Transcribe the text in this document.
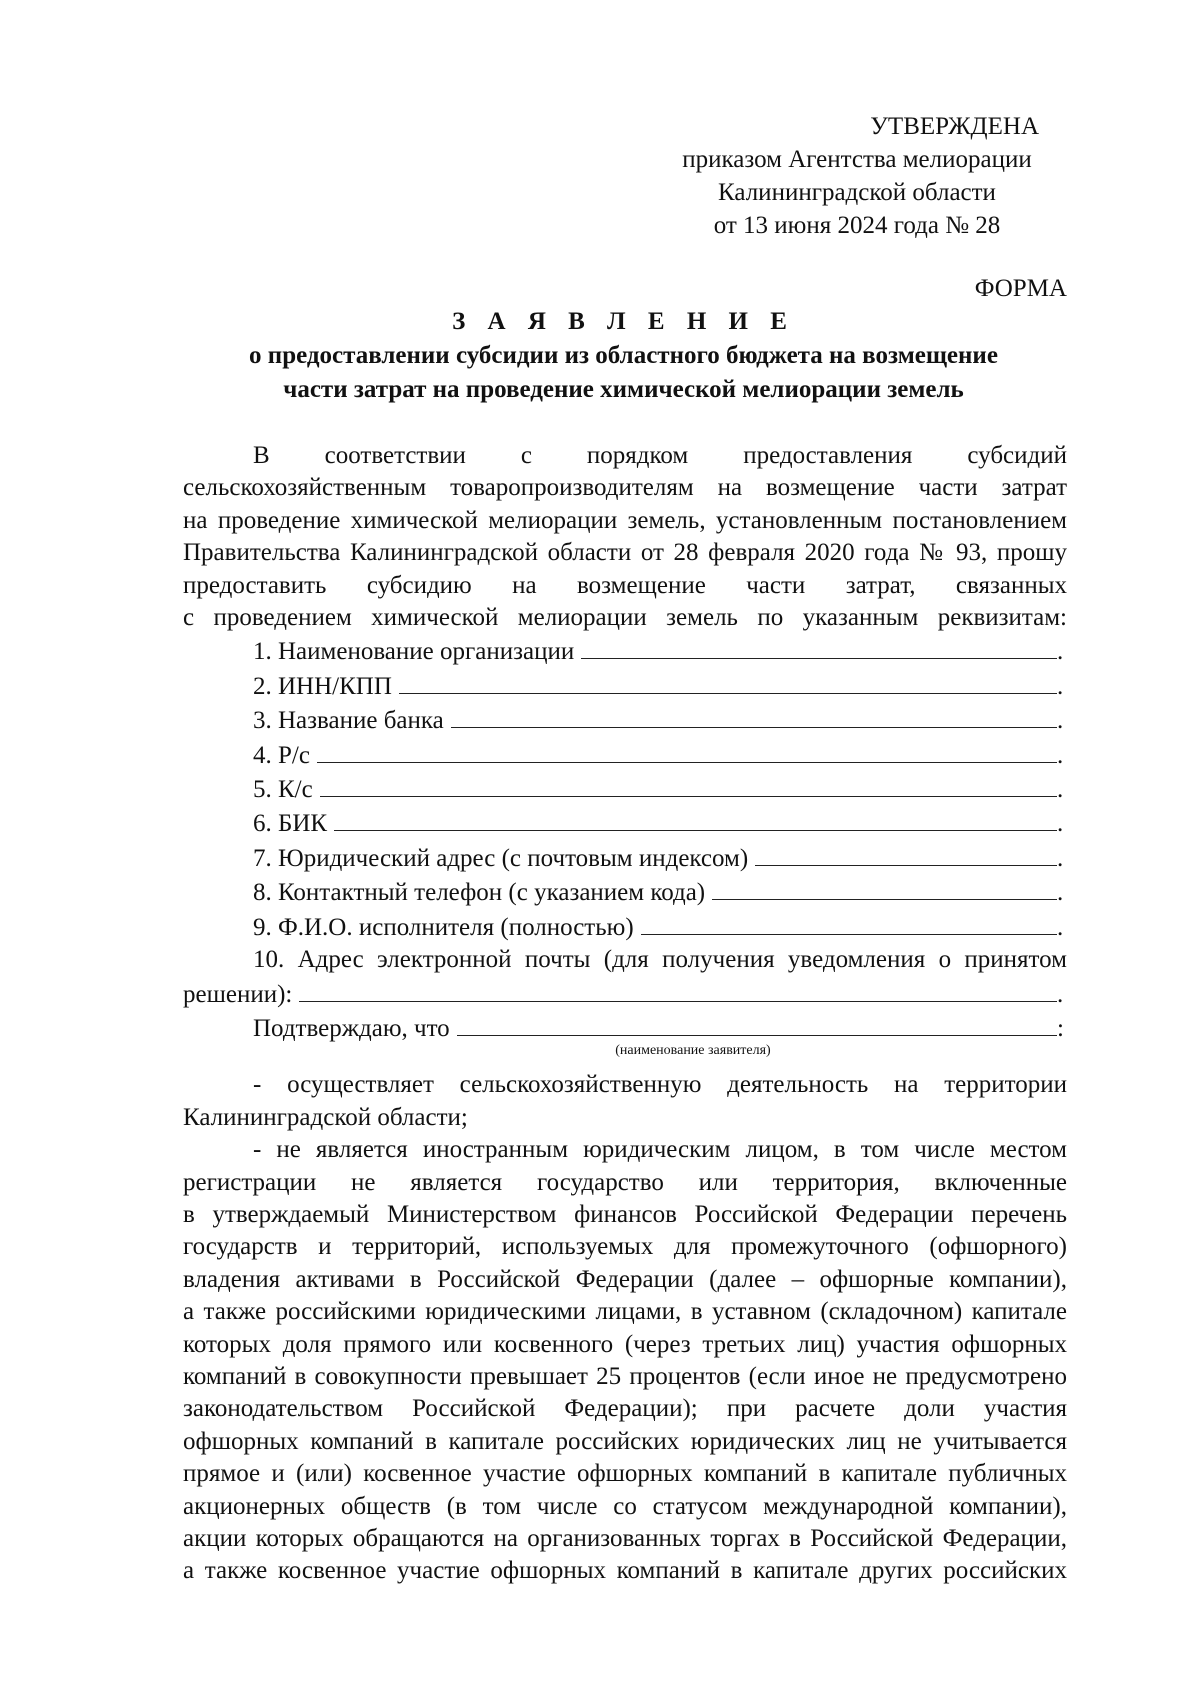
УТВЕРЖДЕНА
приказом Агентства мелиорации
Калининградской области
от 13 июня 2024 года № 28
ФОРМА
З А Я В Л Е Н И Е
о предоставлении субсидии из областного бюджета на возмещение
части затрат на проведение химической мелиорации земель
В соответствии с порядком предоставления субсидий
сельскохозяйственным товаропроизводителям на возмещение части затрат
на проведение химической мелиорации земель, установленным постановлением
Правительства Калининградской области от 28 февраля 2020 года № 93, прошу
предоставить субсидию на возмещение части затрат, связанных
с проведением химической мелиорации земель по указанным реквизитам:
1. Наименование организации	.
2. ИНН/КПП	.
3. Название банка	.
4. Р/с	.
5. К/с	.
6. БИК	.
7. Юридический адрес (с почтовым индексом)	.
8. Контактный телефон (с указанием кода)	.
9. Ф.И.О. исполнителя (полностью)	.
10. Адрес электронной почты (для получения уведомления о принятом
решении):	.
Подтверждаю, что	:
(наименование заявителя)
- осуществляет сельскохозяйственную деятельность на территории
Калининградской области;
- не является иностранным юридическим лицом, в том числе местом
регистрации не является государство или территория, включенные
в утверждаемый Министерством финансов Российской Федерации перечень
государств и территорий, используемых для промежуточного (офшорного)
владения активами в Российской Федерации (далее – офшорные компании),
а также российскими юридическими лицами, в уставном (складочном) капитале
которых доля прямого или косвенного (через третьих лиц) участия офшорных
компаний в совокупности превышает 25 процентов (если иное не предусмотрено
законодательством Российской Федерации); при расчете доли участия
офшорных компаний в капитале российских юридических лиц не учитывается
прямое и (или) косвенное участие офшорных компаний в капитале публичных
акционерных обществ (в том числе со статусом международной компании),
акции которых обращаются на организованных торгах в Российской Федерации,
а также косвенное участие офшорных компаний в капитале других российских
